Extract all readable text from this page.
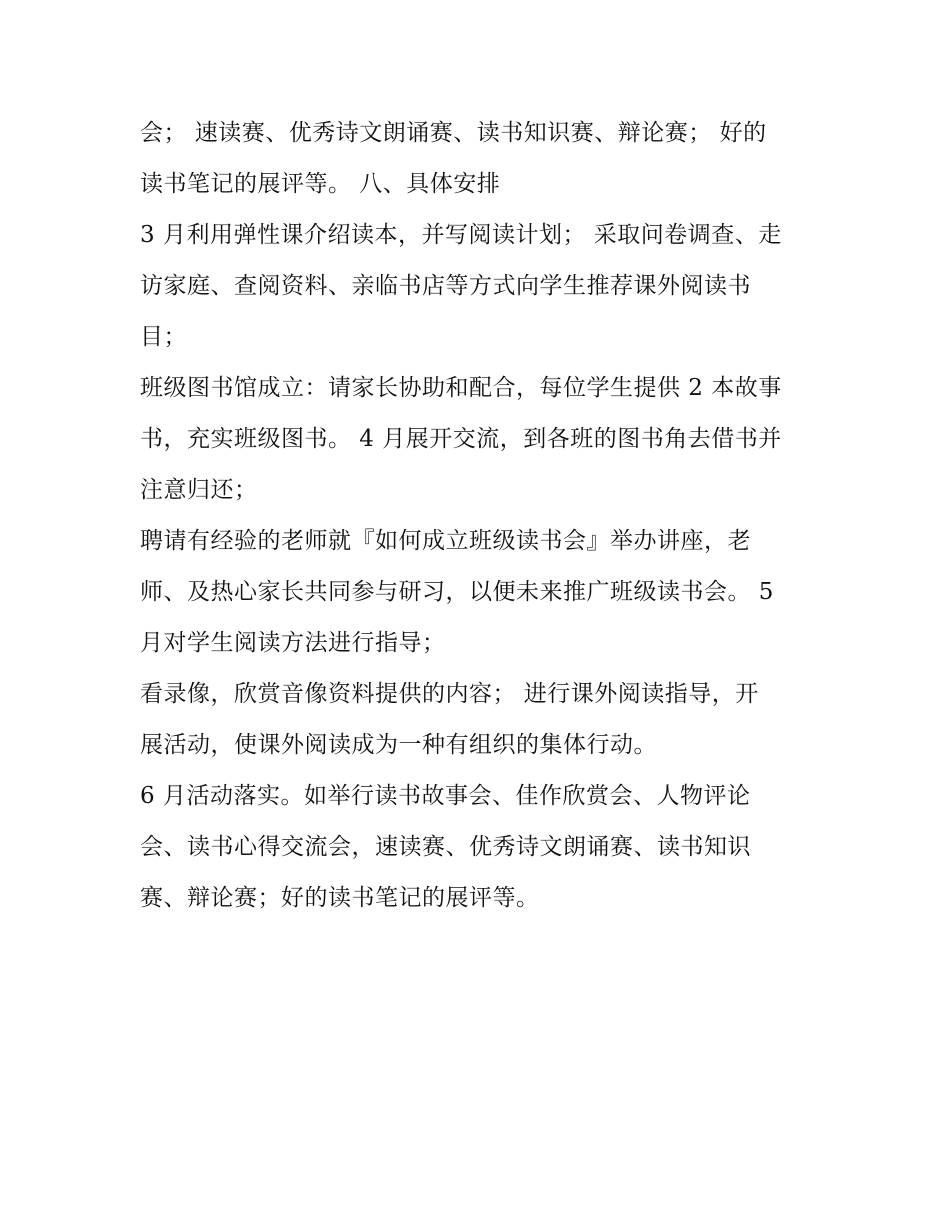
会； 速读赛、优秀诗文朗诵赛、读书知识赛、辩论赛； 好的
读书笔记的展评等。 八、具体安排
3 月利用弹性课介绍读本，并写阅读计划； 采取问卷调查、走
访家庭、查阅资料、亲临书店等方式向学生推荐课外阅读书
目；
班级图书馆成立：请家长协助和配合，每位学生提供 2 本故事
书，充实班级图书。 4 月展开交流，到各班的图书角去借书并
注意归还；
聘请有经验的老师就『如何成立班级读书会』举办讲座，老
师、及热心家长共同参与研习，以便未来推广班级读书会。 5
月对学生阅读方法进行指导；
看录像，欣赏音像资料提供的内容； 进行课外阅读指导，开
展活动，使课外阅读成为一种有组织的集体行动。
6 月活动落实。如举行读书故事会、佳作欣赏会、人物评论
会、读书心得交流会，速读赛、优秀诗文朗诵赛、读书知识
赛、辩论赛；好的读书笔记的展评等。
